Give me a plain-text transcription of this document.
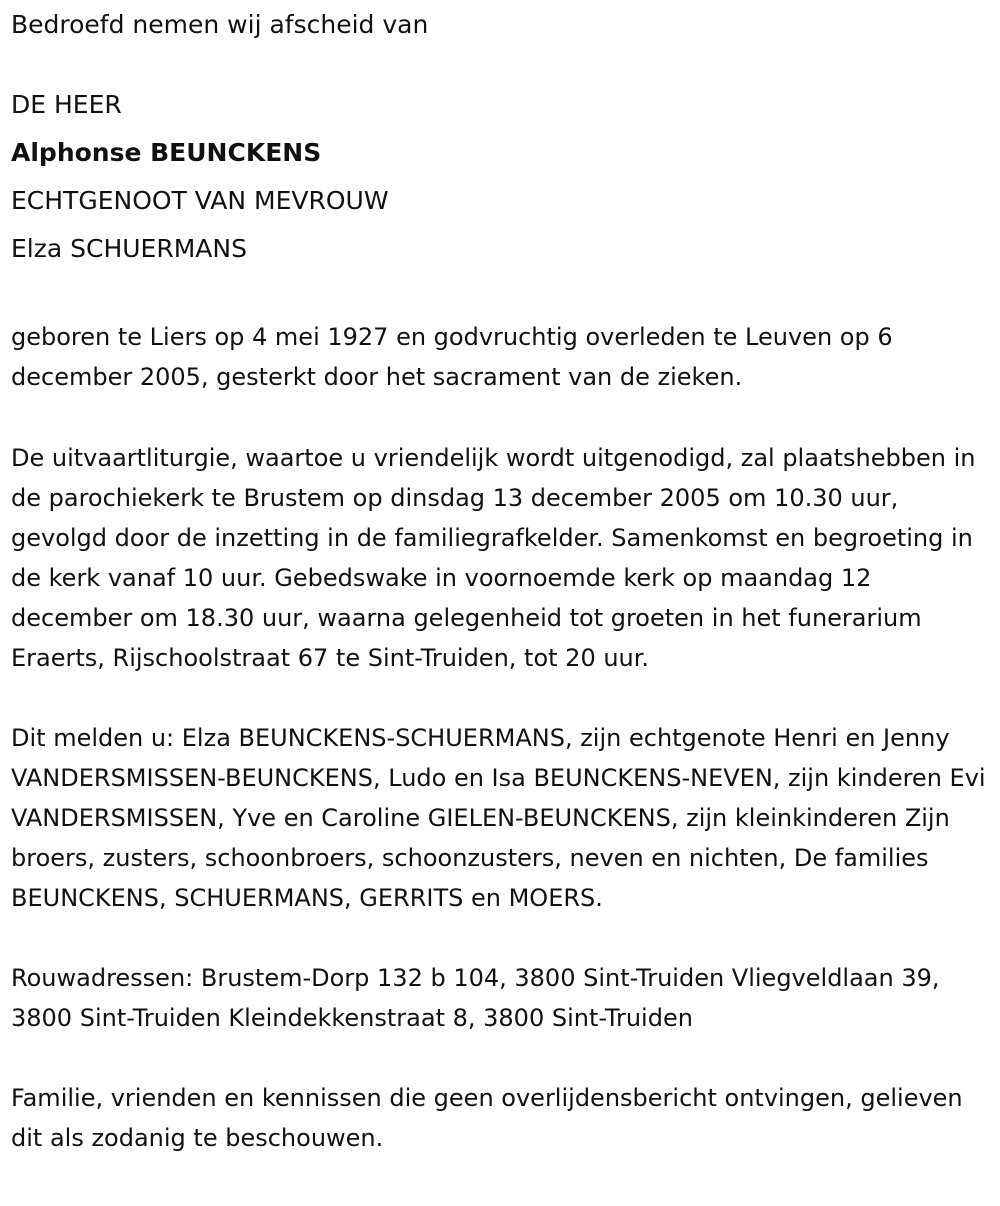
Bedroefd nemen wij afscheid van

DE HEER
Alphonse BEUNCKENS
ECHTGENOOT VAN MEVROUW
Elza SCHUERMANS

geboren te Liers op 4 mei 1927 en godvruchtig overleden te Leuven op 6 december 2005, gesterkt door het sacrament van de zieken.

De uitvaartliturgie, waartoe u vriendelijk wordt uitgenodigd, zal plaatshebben in de parochiekerk te Brustem op dinsdag 13 december 2005 om 10.30 uur, gevolgd door de inzetting in de familiegrafkelder. Samenkomst en begroeting in de kerk vanaf 10 uur. Gebedswake in voornoemde kerk op maandag 12 december om 18.30 uur, waarna gelegenheid tot groeten in het funerarium Eraerts, Rijschoolstraat 67 te Sint-Truiden, tot 20 uur.

Dit melden u: Elza BEUNCKENS-SCHUERMANS, zijn echtgenote Henri en Jenny VANDERSMISSEN-BEUNCKENS, Ludo en Isa BEUNCKENS-NEVEN, zijn kinderen Evi VANDERSMISSEN, Yve en Caroline GIELEN-BEUNCKENS, zijn kleinkinderen Zijn broers, zusters, schoonbroers, schoonzusters, neven en nichten, De families BEUNCKENS, SCHUERMANS, GERRITS en MOERS.

Rouwadressen: Brustem-Dorp 132 b 104, 3800 Sint-Truiden Vliegveldlaan 39, 3800 Sint-Truiden Kleindekkenstraat 8, 3800 Sint-Truiden

Familie, vrienden en kennissen die geen overlijdensbericht ontvingen, gelieven dit als zodanig te beschouwen.
